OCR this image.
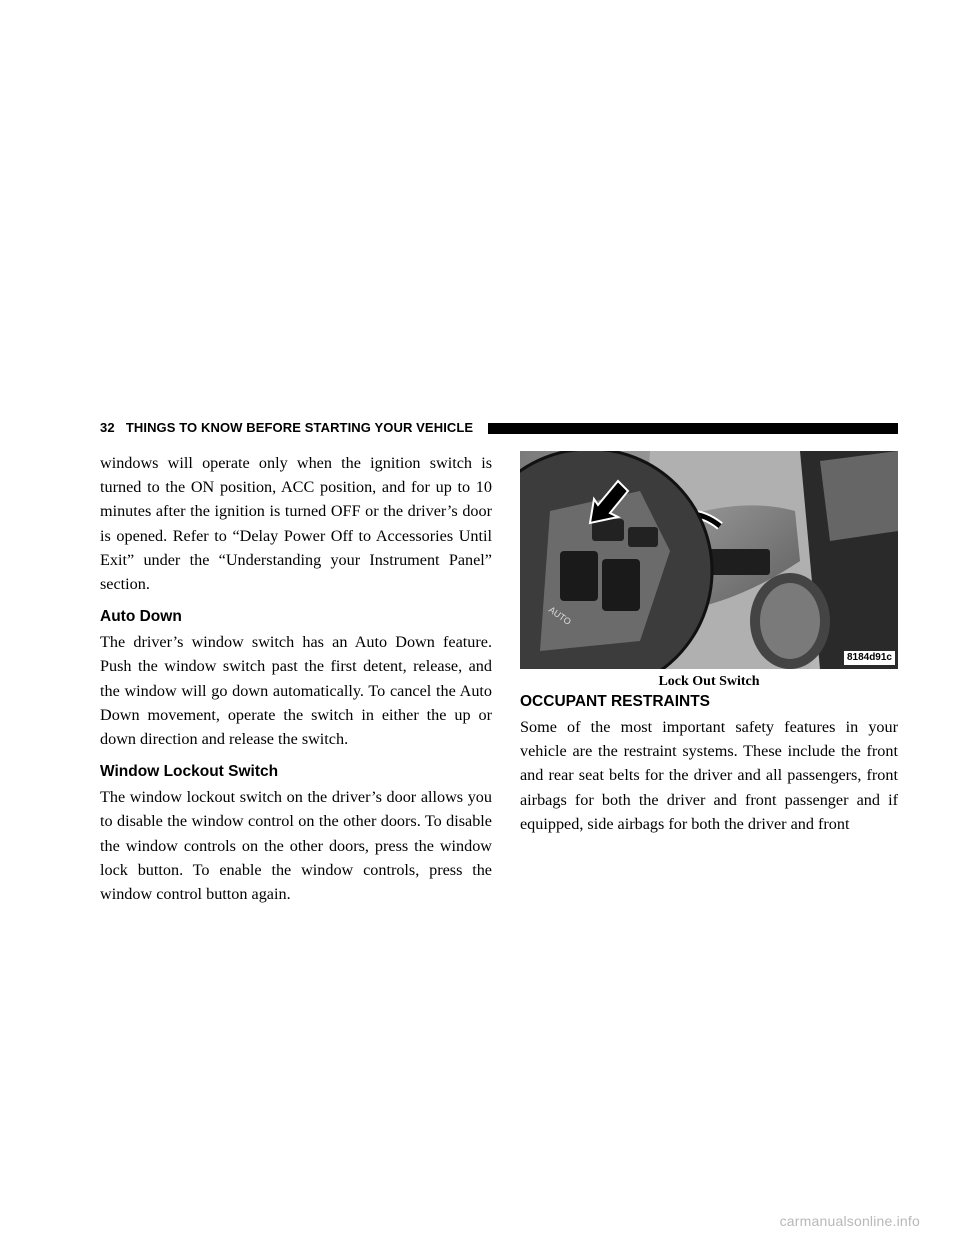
32 THINGS TO KNOW BEFORE STARTING YOUR VEHICLE

windows will operate only when the ignition switch is turned to the ON position, ACC position, and for up to 10 minutes after the ignition is turned OFF or the driver’s door is opened. Refer to “Delay Power Off to Accessories Until Exit” under the “Understanding your Instrument Panel” section.

Auto Down

The driver’s window switch has an Auto Down feature. Push the window switch past the first detent, release, and the window will go down automatically. To cancel the Auto Down movement, operate the switch in either the up or down direction and release the switch.

Window Lockout Switch

The window lockout switch on the driver’s door allows you to disable the window control on the other doors. To disable the window controls on the other doors, press the window lock button. To enable the window controls, press the window control button again.

AUTO
8184d91c
Lock Out Switch
OCCUPANT RESTRAINTS

Some of the most important safety features in your vehicle are the restraint systems. These include the front and rear seat belts for the driver and all passengers, front airbags for both the driver and front passenger and if equipped, side airbags for both the driver and front

carmanualsonline.info
